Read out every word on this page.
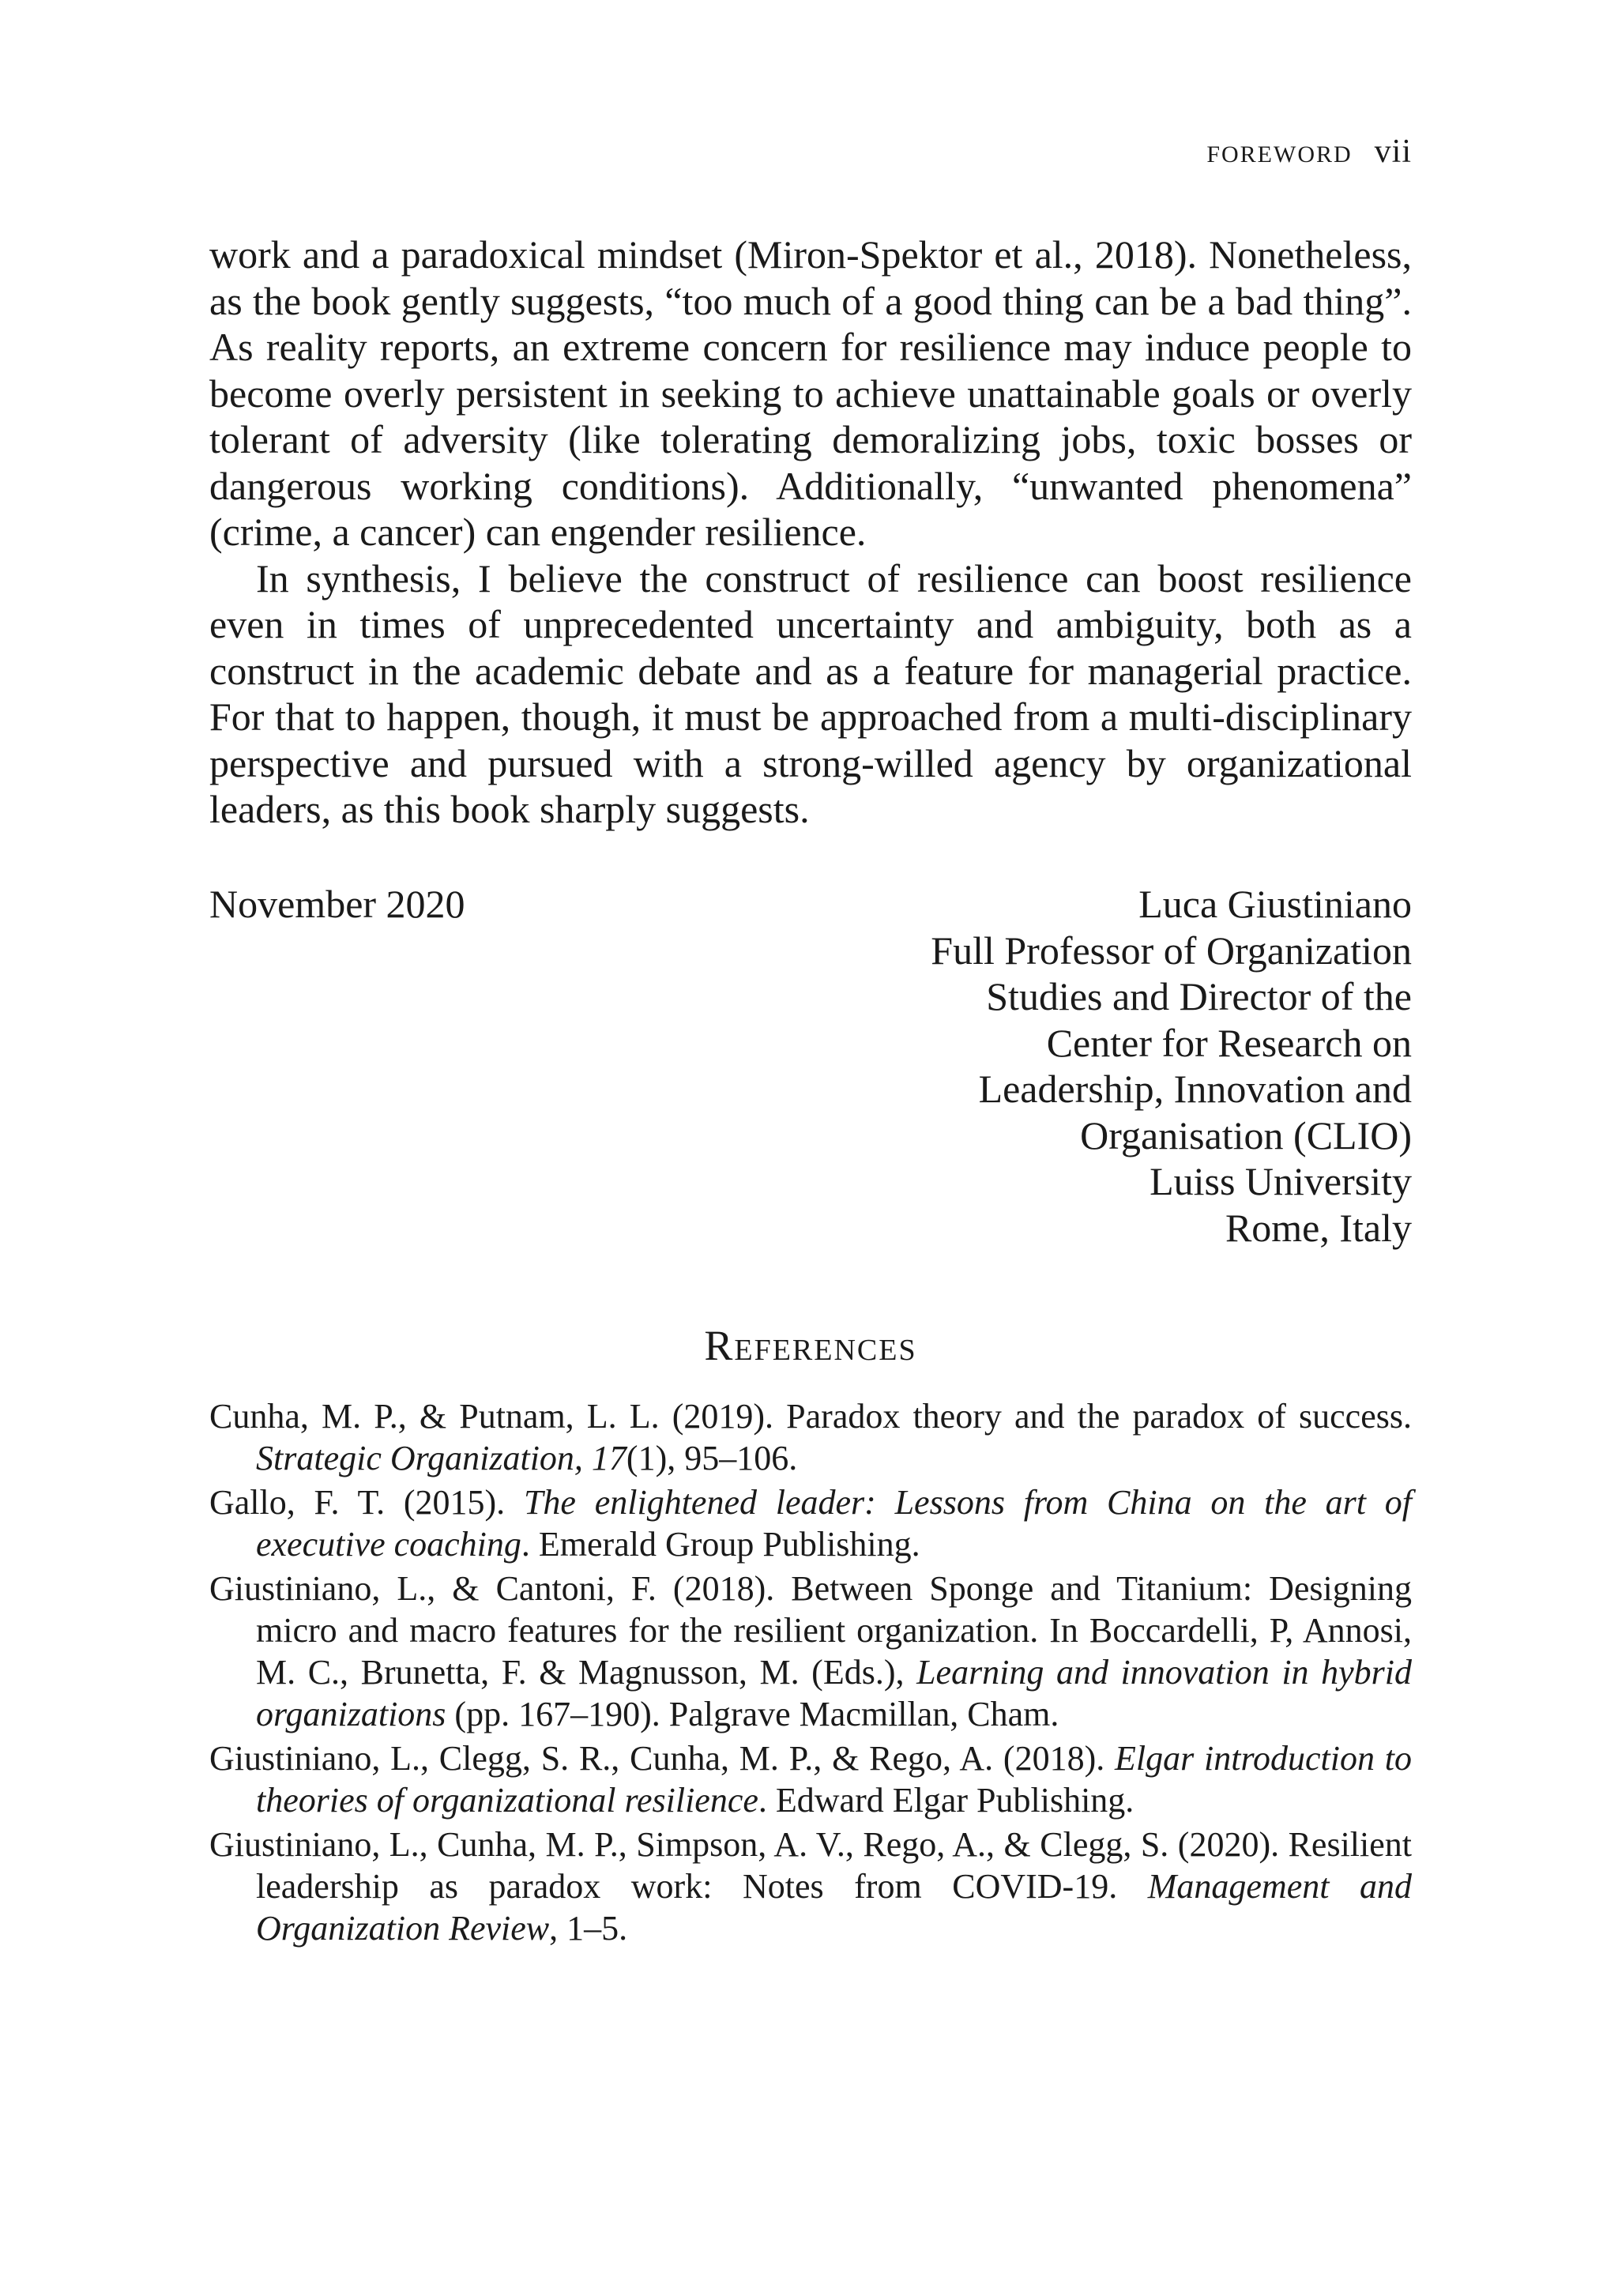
FOREWORD vii

work and a paradoxical mindset (Miron-Spektor et al., 2018). Nonetheless, as the book gently suggests, “too much of a good thing can be a bad thing”. As reality reports, an extreme concern for resilience may induce people to become overly persistent in seeking to achieve unattainable goals or overly tolerant of adversity (like tolerating demoralizing jobs, toxic bosses or dangerous working conditions). Additionally, “unwanted phenomena” (crime, a cancer) can engender resilience.

In synthesis, I believe the construct of resilience can boost resilience even in times of unprecedented uncertainty and ambiguity, both as a construct in the academic debate and as a feature for managerial practice. For that to happen, though, it must be approached from a multi-disciplinary perspective and pursued with a strong-willed agency by organizational leaders, as this book sharply suggests.

November 2020	Luca Giustiniano
Full Professor of Organization
Studies and Director of the
Center for Research on
Leadership, Innovation and
Organisation (CLIO)
Luiss University
Rome, Italy
References

Cunha, M. P., & Putnam, L. L. (2019). Paradox theory and the paradox of success. Strategic Organization, 17(1), 95–106.

Gallo, F. T. (2015). The enlightened leader: Lessons from China on the art of executive coaching. Emerald Group Publishing.

Giustiniano, L., & Cantoni, F. (2018). Between Sponge and Titanium: Designing micro and macro features for the resilient organization. In Boccardelli, P, Annosi, M. C., Brunetta, F. & Magnusson, M. (Eds.), Learning and innovation in hybrid organizations (pp. 167–190). Palgrave Macmillan, Cham.

Giustiniano, L., Clegg, S. R., Cunha, M. P., & Rego, A. (2018). Elgar introduction to theories of organizational resilience. Edward Elgar Publishing.

Giustiniano, L., Cunha, M. P., Simpson, A. V., Rego, A., & Clegg, S. (2020). Resilient leadership as paradox work: Notes from COVID-19. Management and Organization Review, 1–5.
